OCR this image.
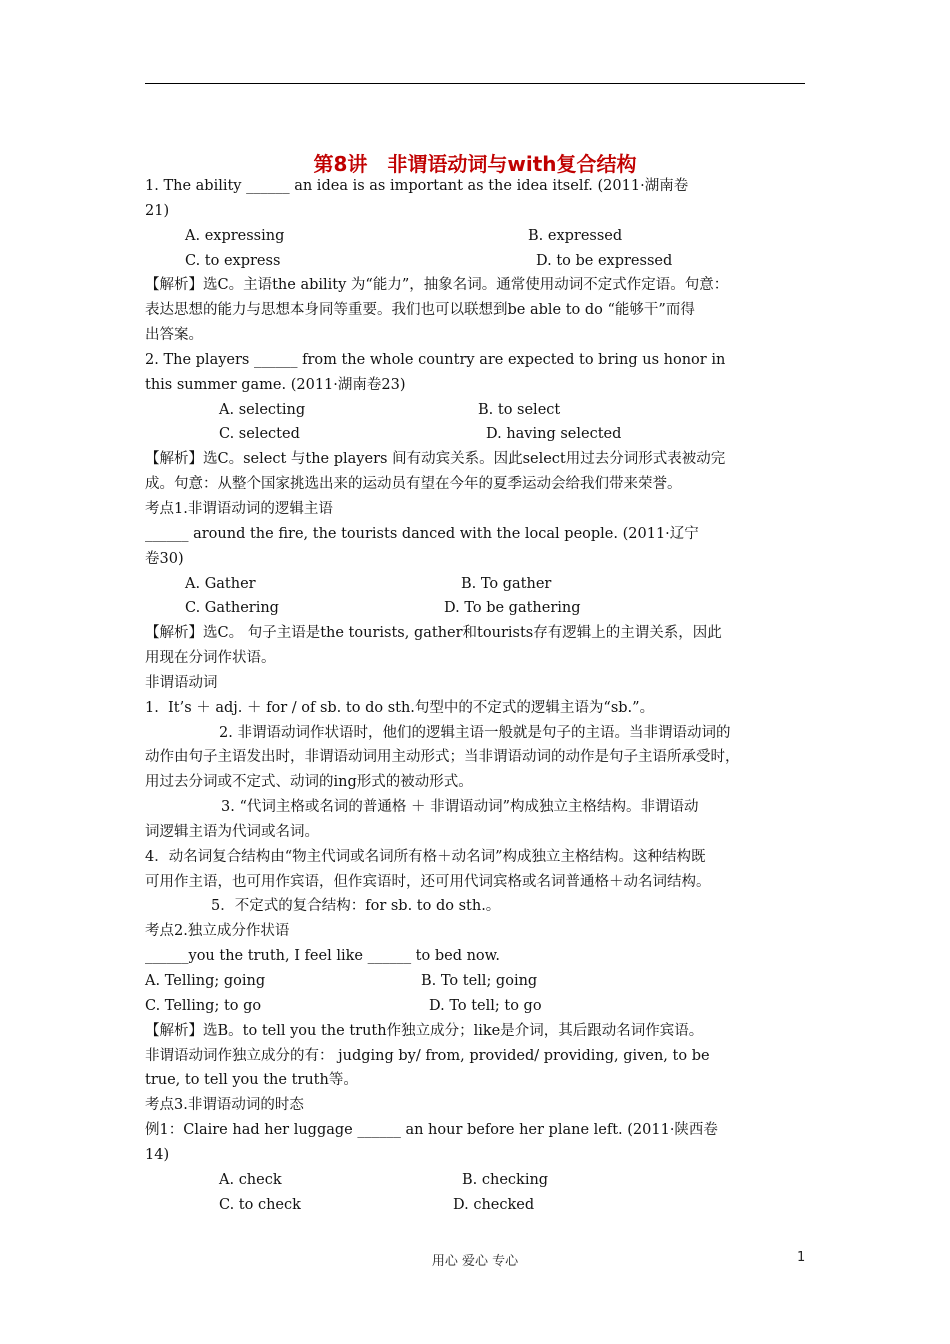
第8讲　非谓语动词与with复合结构
1. The ability ______ an idea is as important as the idea itself. (2011·湖南卷
21)
A. expressing	B. expressed
C. to express	D. to be expressed
【解析】选C。主语the ability 为“能力”，抽象名词。通常使用动词不定式作定语。句意：
表达思想的能力与思想本身同等重要。我们也可以联想到be able to do “能够干”而得
出答案。
2. The players ______ from the whole country are expected to bring us honor in
this summer game. (2011·湖南卷23)
A. selecting	B. to select
C. selected	D. having selected
【解析】选C。select 与the players 间有动宾关系。因此select用过去分词形式表被动完
成。句意：从整个国家挑选出来的运动员有望在今年的夏季运动会给我们带来荣誉。
考点1.非谓语动词的逻辑主语
______ around the fire, the tourists danced with the local people. (2011·辽宁
卷30)
A. Gather	B. To gather
C. Gathering	D. To be gathering
【解析】选C。 句子主语是the tourists, gather和tourists存有逻辑上的主谓关系，因此
用现在分词作状语。
非谓语动词
1.  It’s ＋ adj. ＋ for / of sb. to do sth.句型中的不定式的逻辑主语为“sb.”。
2. 非谓语动词作状语时，他们的逻辑主语一般就是句子的主语。当非谓语动词的
动作由句子主语发出时，非谓语动词用主动形式；当非谓语动词的动作是句子主语所承受时，
用过去分词或不定式、动词的ing形式的被动形式。
3. “代词主格或名词的普通格 ＋ 非谓语动词”构成独立主格结构。非谓语动
词逻辑主语为代词或名词。
4．动名词复合结构由“物主代词或名词所有格＋动名词”构成独立主格结构。这种结构既
可用作主语，也可用作宾语，但作宾语时，还可用代词宾格或名词普通格＋动名词结构。
5．不定式的复合结构：for sb. to do sth.。
考点2.独立成分作状语
______you the truth, I feel like ______ to bed now.
A. Telling; going	B. To tell; going
C. Telling; to go	D. To tell; to go
【解析】选B。to tell you the truth作独立成分；like是介词，其后跟动名词作宾语。
非谓语动词作独立成分的有： judging by/ from, provided/ providing, given, to be
true, to tell you the truth等。
考点3.非谓语动词的时态
例1：Claire had her luggage ______ an hour before her plane left. (2011·陕西卷
14)
A. check	B. checking
C. to check	D. checked
用心 爱心 专心	1
